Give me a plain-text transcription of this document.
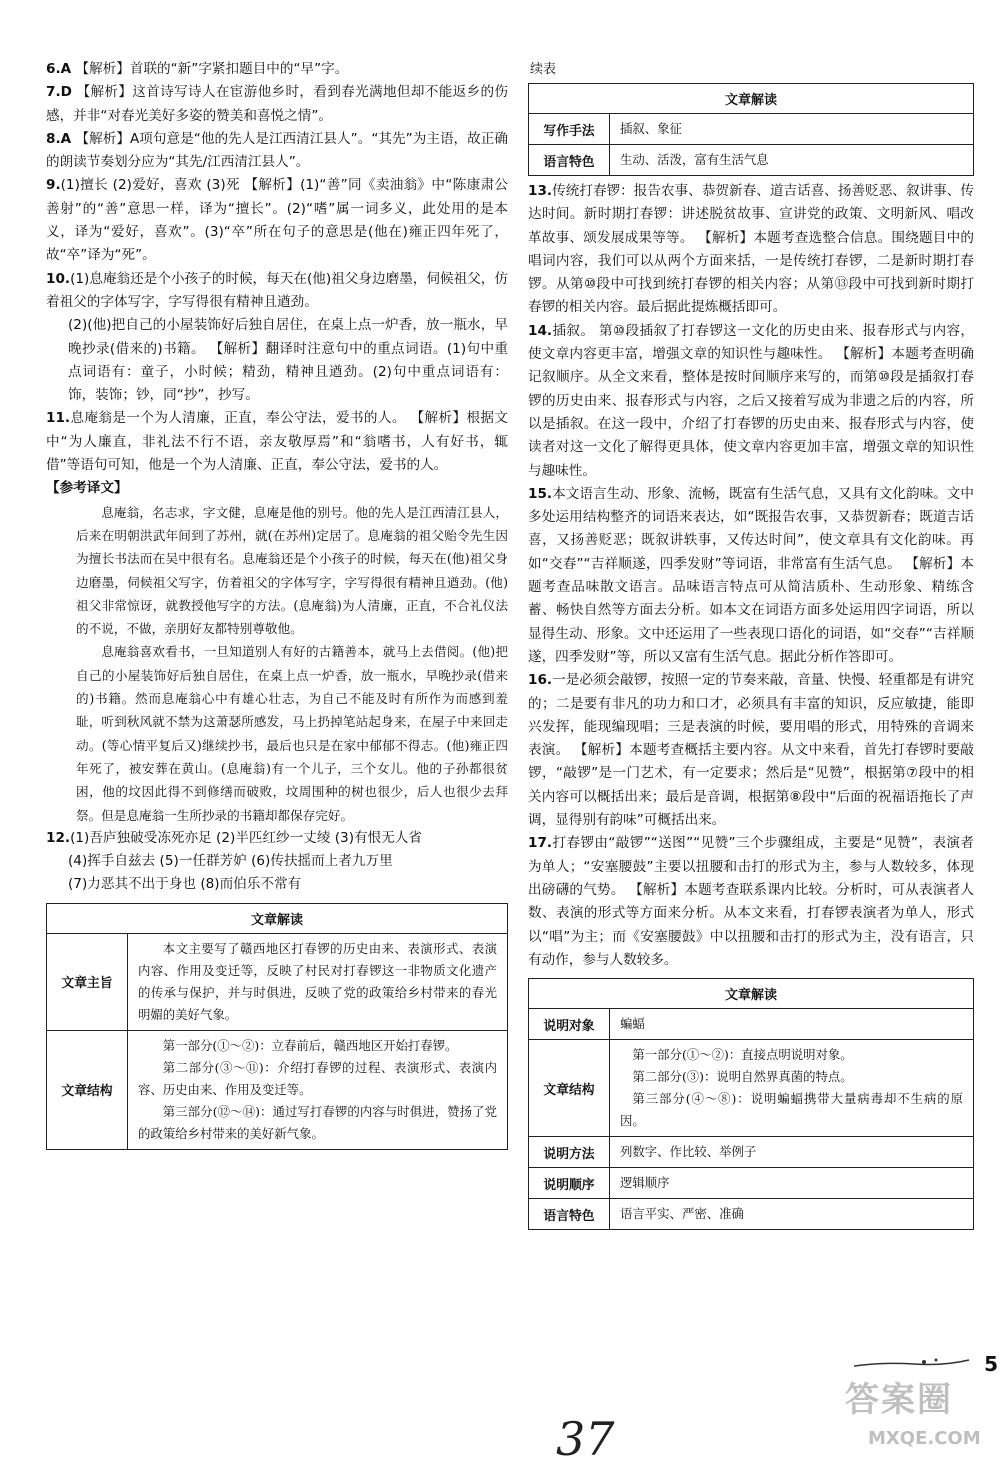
6.A 【解析】首联的“新”字紧扣题目中的“早”字。

7.D 【解析】这首诗写诗人在宦游他乡时，看到春光满地但却不能返乡的伤感，并非“对春光美好多姿的赞美和喜悦之情”。

8.A 【解析】A项句意是“他的先人是江西清江县人”。“其先”为主语，故正确的朗读节奏划分应为“其先/江西清江县人”。

9.(1)擅长 (2)爱好，喜欢 (3)死 【解析】(1)“善”同《卖油翁》中“陈康肃公善射”的“善”意思一样，译为“擅长”。(2)“嗜”属一词多义，此处用的是本义，译为“爱好，喜欢”。(3)“卒”所在句子的意思是(他在)雍正四年死了，故“卒”译为“死”。

10.(1)息庵翁还是个小孩子的时候，每天在(他)祖父身边磨墨，伺候祖父，仿着祖父的字体写字，字写得很有精神且遒劲。
(2)(他)把自己的小屋装饰好后独自居住，在桌上点一炉香，放一瓶水，早晚抄录(借来的)书籍。 【解析】翻译时注意句中的重点词语。(1)句中重点词语有：童子，小时候；精劲，精神且遒劲。(2)句中重点词语有：饰，装饰；钞，同“抄”，抄写。

11.息庵翁是一个为人清廉，正直，奉公守法，爱书的人。 【解析】根据文中“为人廉直，非礼法不行不语，亲友敬厚焉”和“翁嗜书，人有好书，辄借”等语句可知，他是一个为人清廉、正直，奉公守法，爱书的人。

【参考译文】

息庵翁，名志求，字文健，息庵是他的别号。他的先人是江西清江县人，后来在明朝洪武年间到了苏州，就(在苏州)定居了。息庵翁的祖父贻令先生因为擅长书法而在吴中很有名。息庵翁还是个小孩子的时候，每天在(他)祖父身边磨墨，伺候祖父写字，仿着祖父的字体写字，字写得很有精神且遒劲。(他)祖父非常惊讶，就教授他写字的方法。(息庵翁)为人清廉，正直，不合礼仪法的不说，不做，亲朋好友都特别尊敬他。

息庵翁喜欢看书，一旦知道别人有好的古籍善本，就马上去借阅。(他)把自己的小屋装饰好后独自居住，在桌上点一炉香，放一瓶水，早晚抄录(借来的)书籍。然而息庵翁心中有雄心壮志，为自己不能及时有所作为而感到羞耻，听到秋风就不禁为这萧瑟所感发，马上扔掉笔站起身来，在屋子中来回走动。(等心情平复后又)继续抄书，最后也只是在家中郁郁不得志。(他)雍正四年死了，被安葬在黄山。(息庵翁)有一个儿子，三个女儿。他的子孙都很贫困，他的坟因此得不到修缮而破败，坟周围种的树也很少，后人也很少去拜祭。但是息庵翁一生所抄录的书籍却都保存完好。

12.(1)吾庐独破受冻死亦足 (2)半匹红纱一丈绫 (3)有恨无人省
(4)挥手自兹去 (5)一任群芳妒 (6)传扶摇而上者九万里
(7)力恶其不出于身也 (8)而伯乐不常有
文章解读	
文章主旨	本文主要写了赣西地区打春锣的历史由来、表演形式、表演内容、作用及变迁等，反映了村民对打春锣这一非物质文化遗产的传承与保护，并与时俱进，反映了党的政策给乡村带来的春光明媚的美好气象。
文章结构	第一部分(①～②)：立春前后，赣西地区开始打春锣。
第二部分(③～⑪)：介绍打春锣的过程、表演形式、表演内容、历史由来、作用及变迁等。
第三部分(⑫～⑭)：通过写打春锣的内容与时俱进，赞扬了党的政策给乡村带来的美好新气象。

续表

文章解读	
写作手法	插叙、象征
语言特色	生动、活泼，富有生活气息

13.传统打春锣：报告农事、恭贺新春、道吉话喜、扬善贬恶、叙讲事、传达时间。新时期打春锣：讲述脱贫故事、宣讲党的政策、文明新风、唱改革故事、颂发展成果等等。 【解析】本题考查选整合信息。围绕题目中的唱词内容，我们可以从两个方面来括，一是传统打春锣，二是新时期打春锣。从第⑩段中可找到统打春锣的相关内容；从第⑬段中可找到新时期打春锣的相关内容。最后据此提炼概括即可。

14.插叙。 第⑩段插叙了打春锣这一文化的历史由来、报春形式与内容，使文章内容更丰富，增强文章的知识性与趣味性。 【解析】本题考查明确记叙顺序。从全文来看，整体是按时间顺序来写的，而第⑩段是插叙打春锣的历史由来、报春形式与内容，之后又接着写成为非遗之后的内容，所以是插叙。在这一段中，介绍了打春锣的历史由来、报春形式与内容，使读者对这一文化了解得更具体，使文章内容更加丰富，增强文章的知识性与趣味性。

15.本文语言生动、形象、流畅，既富有生活气息，又具有文化韵味。文中多处运用结构整齐的词语来表达，如“既报告农事，又恭贺新春；既道吉话喜，又扬善贬恶；既叙讲轶事，又传达时间”，使文章具有文化韵味。再如“交春”“吉祥顺遂，四季发财”等词语，非常富有生活气息。 【解析】本题考查品味散文语言。品味语言特点可从简洁质朴、生动形象、精练含蓄、畅快自然等方面去分析。如本文在词语方面多处运用四字词语，所以显得生动、形象。文中还运用了一些表现口语化的词语，如“交春”“吉祥顺遂，四季发财”等，所以又富有生活气息。据此分析作答即可。

16.一是必须会敲锣，按照一定的节奏来敲，音量、快慢、轻重都是有讲究的；二是要有非凡的功力和口才，必须具有丰富的知识，反应敏捷，能即兴发挥，能现编现唱；三是表演的时候，要用唱的形式，用特殊的音调来表演。 【解析】本题考查概括主要内容。从文中来看，首先打春锣时要敲锣，“敲锣”是一门艺术，有一定要求；然后是“见赞”，根据第⑦段中的相关内容可以概括出来；最后是音调，根据第⑧段中“后面的祝福语拖长了声调，显得别有韵味”可概括出来。

17.打春锣由“敲锣”“送图”“见赞”三个步骤组成，主要是“见赞”，表演者为单人；“安塞腰鼓”主要以扭腰和击打的形式为主，参与人数较多，体现出磅礴的气势。 【解析】本题考查联系课内比较。分析时，可从表演者人数、表演的形式等方面来分析。从本文来看，打春锣表演者为单人，形式以“唱”为主；而《安塞腰鼓》中以扭腰和击打的形式为主，没有语言，只有动作，参与人数较多。

文章解读	
说明对象	蝙蝠
文章结构	第一部分(①～②)：直接点明说明对象。
第二部分(③)：说明自然界真菌的特点。
第三部分(④～⑧)：说明蝙蝠携带大量病毒却不生病的原因。

说明方法	列数字、作比较、举例子
说明顺序	逻辑顺序
语言特色	语言平实、严密、准确
5
37
答案圈
MXQE.COM
